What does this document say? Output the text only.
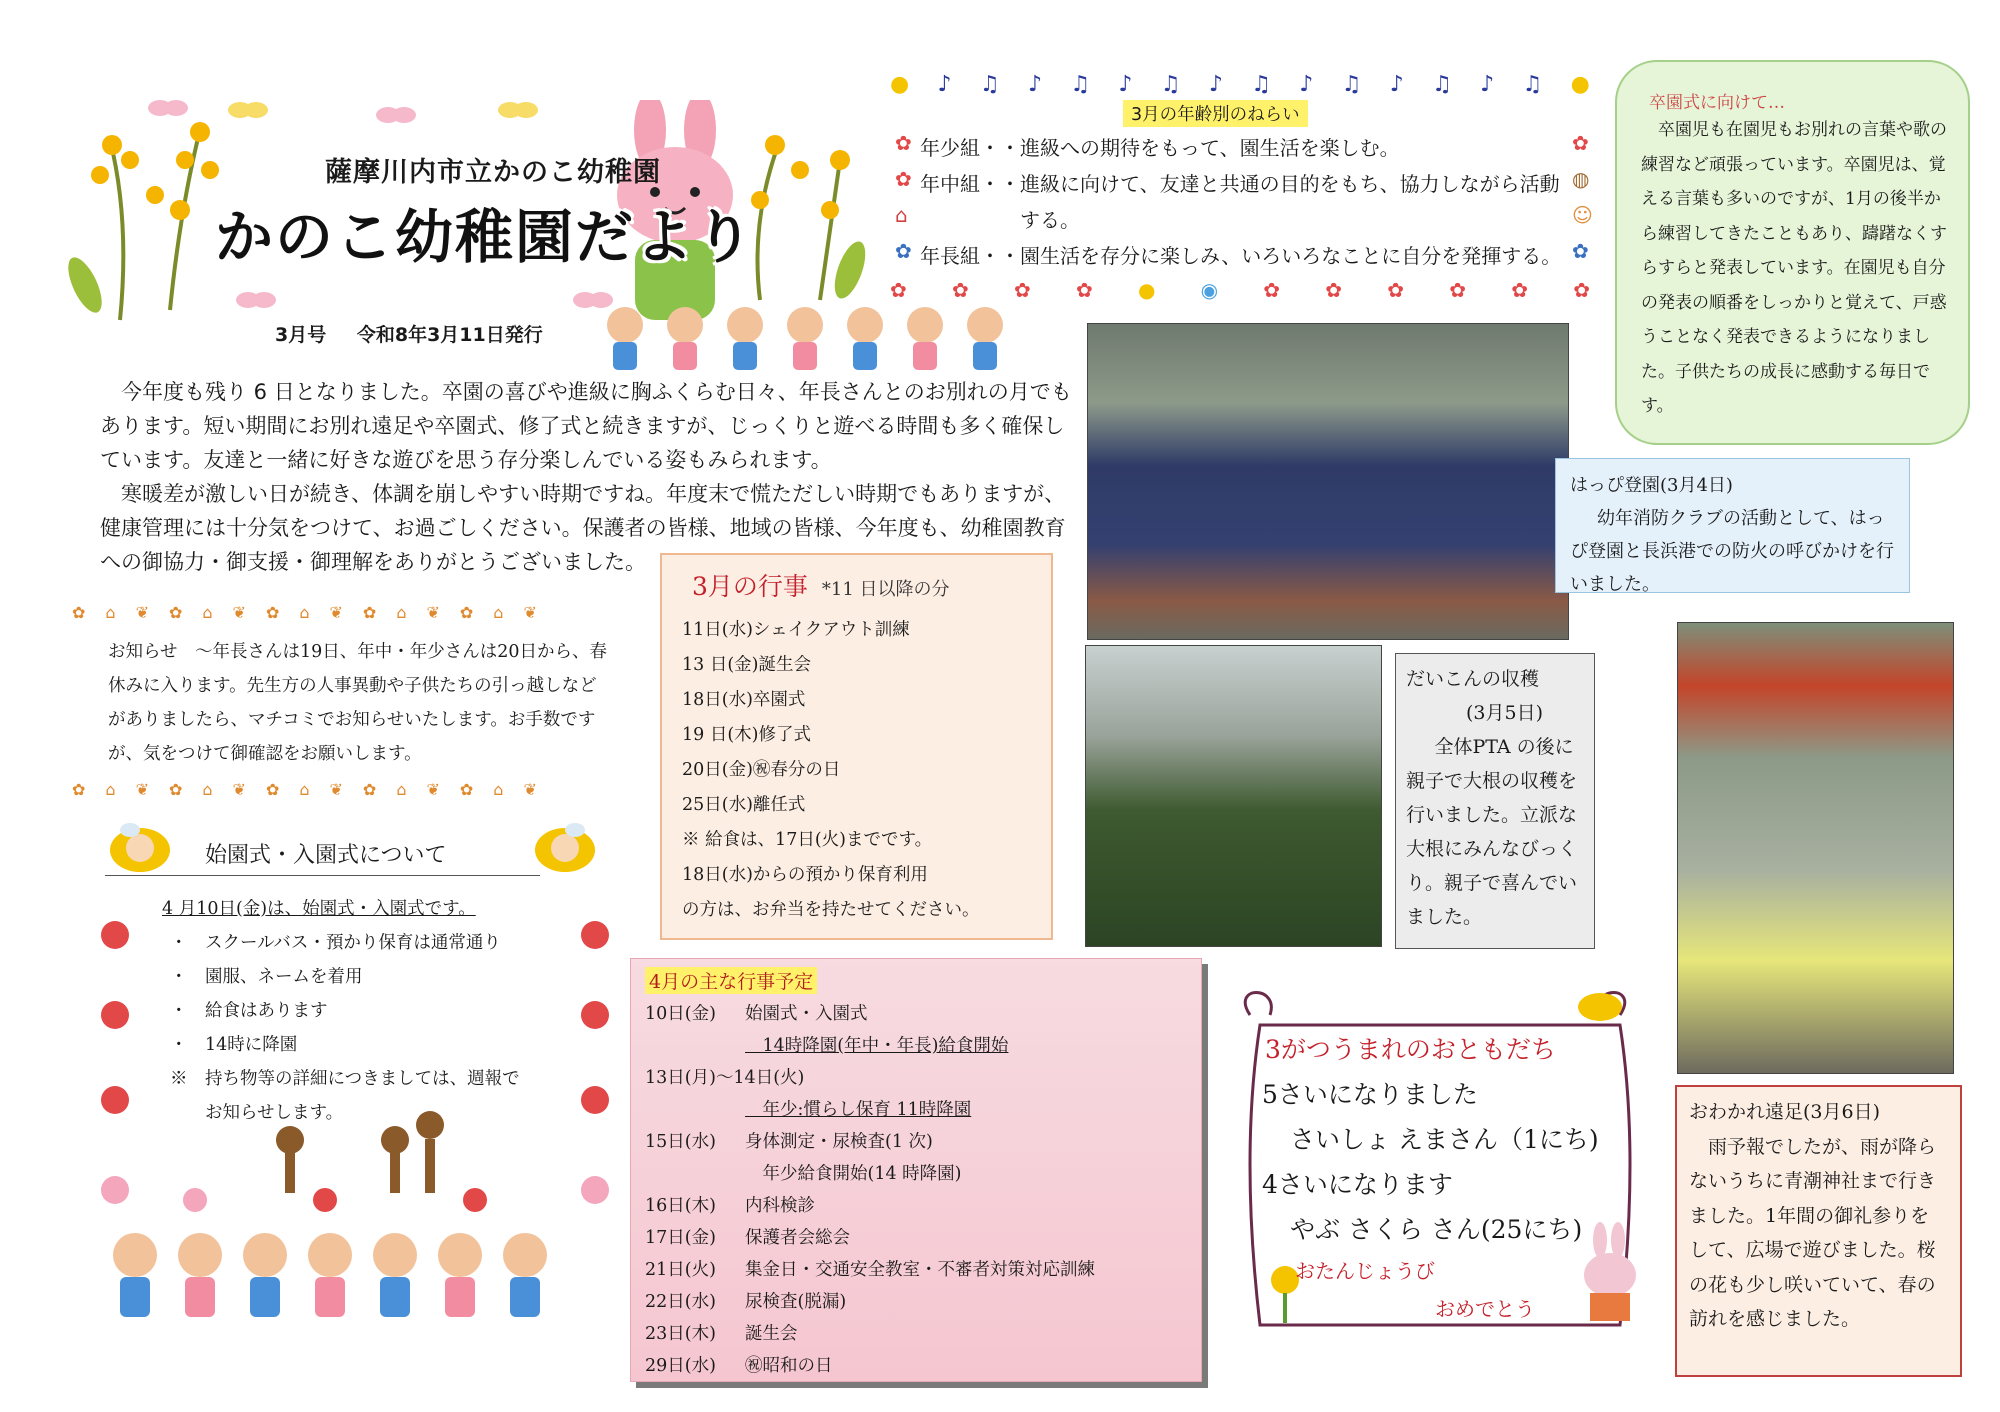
薩摩川内市立かのこ幼稚園
かのこ幼稚園だより
3月号 令和8年3月11日発行

今年度も残り 6 日となりました。卒園の喜びや進級に胸ふくらむ日々、年長さんとのお別れの月でもあります。短い期間にお別れ遠足や卒園式、修了式と続きますが、じっくりと遊べる時間も多く確保しています。友達と一緒に好きな遊びを思う存分楽しんでいる姿もみられます。

寒暖差が激しい日が続き、体調を崩しやすい時期ですね。年度末で慌ただしい時期でもありますが、健康管理には十分気をつけて、お過ごしください。保護者の皆様、地域の皆様、今年度も、幼稚園教育への御協力・御支援・御理解をありがとうございました。

✿ ⌂ ❦ ✿ ⌂ ❦ ✿ ⌂ ❦ ✿ ⌂ ❦ ✿ ⌂ ❦
お知らせ　～年長さんは19日、年中・年少さんは20日から、春休みに入ります。先生方の人事異動や子供たちの引っ越しなどがありましたら、マチコミでお知らせいたします。お手数ですが、気をつけて御確認をお願いします。
✿ ⌂ ❦ ✿ ⌂ ❦ ✿ ⌂ ❦ ✿ ⌂ ❦ ✿ ⌂ ❦
3月の行事 *11 日以降の分
11日(水)シェイクアウト訓練
13 日(金)誕生会
18日(水)卒園式
19 日(木)修了式
20日(金)㊗春分の日
25日(水)離任式
※ 給食は、17日(火)までです。
18日(水)からの預かり保育利用
の方は、お弁当を持たせてください。
始園式・入園式について
4 月10日(金)は、始園式・入園式です。
・　スクールバス・預かり保育は通常通り
・　園服、ネームを着用
・　給食はあります
・　14時に降園
※　持ち物等の詳細につきましては、週報で
　　お知らせします。
4月の主な行事予定
10日(金) 始園式・入園式
　14時降園(年中・年長)給食開始
13日(月)～14日(火)
　年少:慣らし保育 11時降園
15日(水) 身体測定・尿検査(1 次)
　年少給食開始(14 時降園)
16日(木) 内科検診
17日(金) 保護者会総会
21日(火) 集金日・交通安全教室・不審者対策対応訓練
22日(水) 尿検査(脱漏)
23日(木) 誕生会
29日(水) ㊗昭和の日
● ♪ ♫ ♪ ♫ ♪ ♫ ♪ ♫ ♪ ♫ ♪ ♫ ♪ ♫ ●
3月の年齢別のねらい
年少組・・進級への期待をもって、園生活を楽しむ。
年中組・・進級に向けて、友達と共通の目的をもち、協力しながら活動
する。
年長組・・園生活を存分に楽しみ、いろいろなことに自分を発揮する。
✿
✿
⌂
✿
✿
◍
☺
✿
✿ ✿ ✿ ✿ ● ◉ ✿ ✿ ✿ ✿ ✿ ✿
卒園式に向けて…
卒園児も在園児もお別れの言葉や歌の練習など頑張っています。卒園児は、覚える言葉も多いのですが、1月の後半から練習してきたこともあり、躊躇なくすらすらと発表しています。在園児も自分の発表の順番をしっかりと覚えて、戸惑うことなく発表できるようになりました。子供たちの成長に感動する毎日です。
はっぴ登園(3月4日)
幼年消防クラブの活動として、はっぴ登園と長浜港での防火の呼びかけを行いました。
だいこんの収穫
(3月5日)
全体PTA の後に親子で大根の収穫を行いました。立派な大根にみんなびっくり。親子で喜んでいました。
おわかれ遠足(3月6日)
雨予報でしたが、雨が降らないうちに青潮神社まで行きました。1年間の御礼参りをして、広場で遊びました。桜の花も少し咲いていて、春の訪れを感じました。
3がつうまれのおともだち
5さいになりました
さいしょ えまさん（1にち)
4さいになります
やぶ さくら さん(25にち)
おたんじょうび
おめでとう
